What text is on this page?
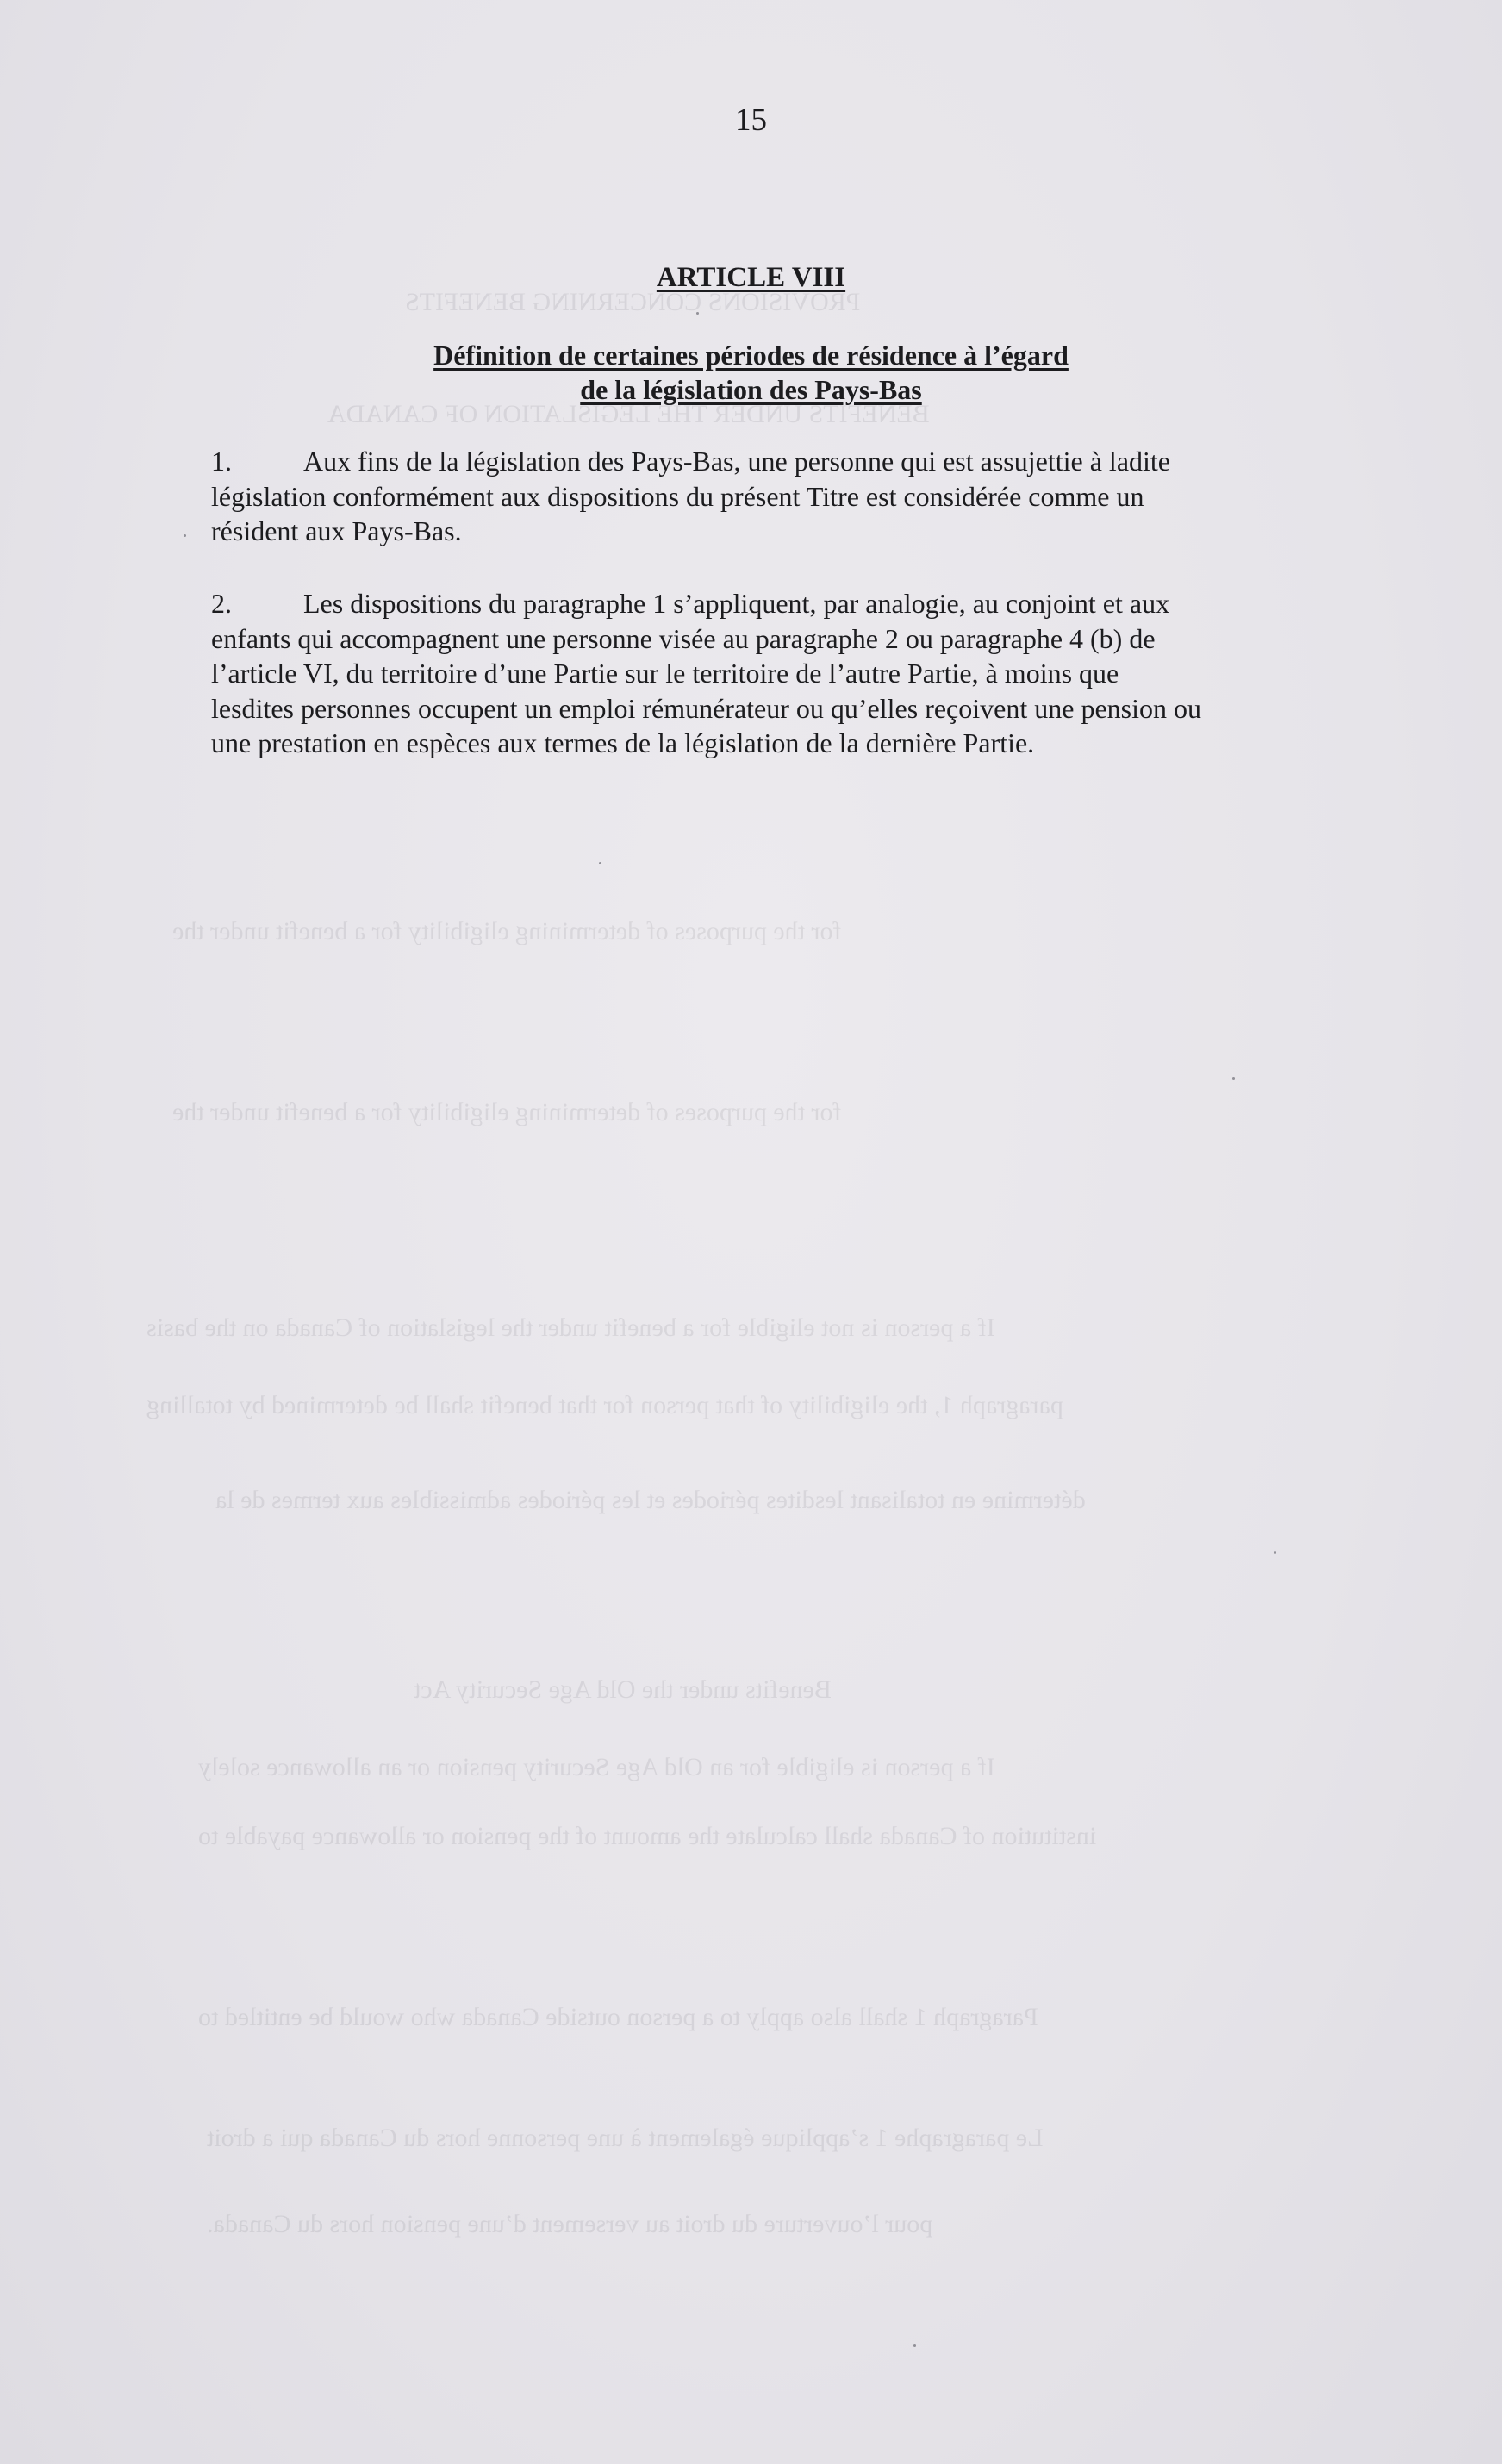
PROVISIONS CONCERNING BENEFITS
BENEFITS UNDER THE LEGISLATION OF CANADA
for the purposes of determining eligibility for a benefit under the
for the purposes of determining eligibility for a benefit under the
If a person is not eligible for a benefit under the legislation of Canada on the basis
paragraph 1, the eligibility of that person for that benefit shall be determined by totalling
détermine en totalisant lesdites périodes et les périodes admissibles aux termes de la
Benefits under the Old Age Security Act
If a person is eligible for an Old Age Security pension or an allowance solely
institution of Canada shall calculate the amount of the pension or allowance payable to
Paragraph 1 shall also apply to a person outside Canada who would be entitled to
Le paragraphe 1 s’applique également à une personne hors du Canada qui a droit
pour l’ouverture du droit au versement d’une pension hors du Canada.
15
ARTICLE VIII
Définition de certaines périodes de résidence à l’égard
de la législation des Pays-Bas
1.	Aux fins de la législation des Pays-Bas, une personne qui est assujettie à ladite
législation conformément aux dispositions du présent Titre est considérée comme un
résident aux Pays-Bas.
2.	Les dispositions du paragraphe 1 s’appliquent, par analogie, au conjoint et aux
enfants qui accompagnent une personne visée au paragraphe 2 ou paragraphe 4 (b) de
l’article VI, du territoire d’une Partie sur le territoire de l’autre Partie, à moins que
lesdites personnes occupent un emploi rémunérateur ou qu’elles reçoivent une pension ou
une prestation en espèces aux termes de la législation de la dernière Partie.
